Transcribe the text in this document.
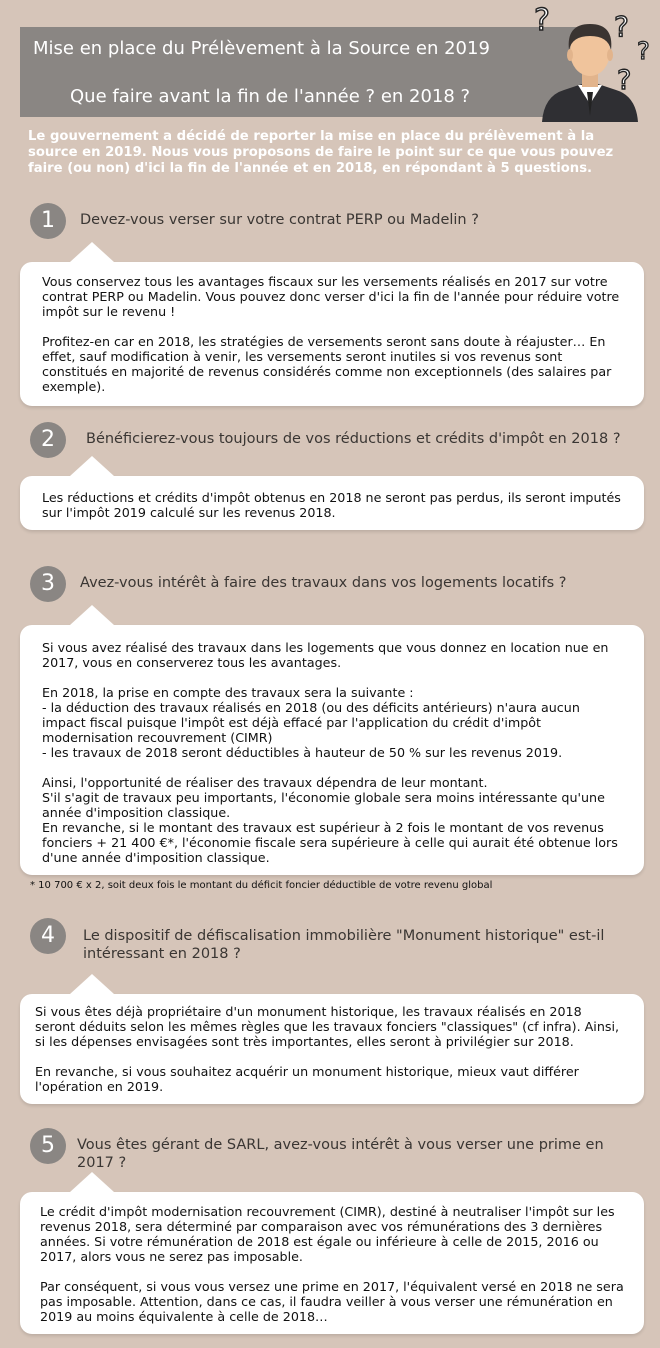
Mise en place du Prélèvement à la Source en 2019
Que faire avant la fin de l'année ? en 2018 ?
? ?
?
?
Le gouvernement a décidé de reporter la mise en place du prélèvement à la source en 2019. Nous vous proposons de faire le point sur ce que vous pouvez faire (ou non) d'ici la fin de l'année et en 2018, en répondant à 5 questions.
1	Devez-vous verser sur votre contrat PERP ou Madelin ?
Vous conservez tous les avantages fiscaux sur les versements réalisés en 2017 sur votre contrat PERP ou Madelin. Vous pouvez donc verser d'ici la fin de l'année pour réduire votre impôt sur le revenu !
Profitez-en car en 2018, les stratégies de versements seront sans doute à réajuster… En effet, sauf modification à venir, les versements seront inutiles si vos revenus sont constitués en majorité de revenus considérés comme non exceptionnels (des salaires par exemple).
2	Bénéficierez-vous toujours de vos réductions et crédits d'impôt en 2018 ?
Les réductions et crédits d'impôt obtenus en 2018 ne seront pas perdus, ils seront imputés sur l'impôt 2019 calculé sur les revenus 2018.
3	Avez-vous intérêt à faire des travaux dans vos logements locatifs ?
Si vous avez réalisé des travaux dans les logements que vous donnez en location nue en 2017, vous en conserverez tous les avantages.
En 2018, la prise en compte des travaux sera la suivante :
- la déduction des travaux réalisés en 2018 (ou des déficits antérieurs) n'aura aucun impact fiscal puisque l'impôt est déjà effacé par l'application du crédit d'impôt modernisation recouvrement (CIMR)
- les travaux de 2018 seront déductibles à hauteur de 50 % sur les revenus 2019.
Ainsi, l'opportunité de réaliser des travaux dépendra de leur montant.
S'il s'agit de travaux peu importants, l'économie globale sera moins intéressante qu'une année d'imposition classique.
En revanche, si le montant des travaux est supérieur à 2 fois le montant de vos revenus fonciers + 21 400 €*, l'économie fiscale sera supérieure à celle qui aurait été obtenue lors d'une année d'imposition classique.
* 10 700 € x 2, soit deux fois le montant du déficit foncier déductible de votre revenu global
4	Le dispositif de défiscalisation immobilière "Monument historique" est-il intéressant en 2018 ?
Si vous êtes déjà propriétaire d'un monument historique, les travaux réalisés en 2018 seront déduits selon les mêmes règles que les travaux fonciers "classiques" (cf infra). Ainsi, si les dépenses envisagées sont très importantes, elles seront à privilégier sur 2018.
En revanche, si vous souhaitez acquérir un monument historique, mieux vaut différer l'opération en 2019.
5	Vous êtes gérant de SARL, avez-vous intérêt à vous verser une prime en 2017 ?
Le crédit d'impôt modernisation recouvrement (CIMR), destiné à neutraliser l'impôt sur les revenus 2018, sera déterminé par comparaison avec vos rémunérations des 3 dernières années. Si votre rémunération de 2018 est égale ou inférieure à celle de 2015, 2016 ou 2017, alors vous ne serez pas imposable.
Par conséquent, si vous vous versez une prime en 2017, l'équivalent versé en 2018 ne sera pas imposable. Attention, dans ce cas, il faudra veiller à vous verser une rémunération en 2019 au moins équivalente à celle de 2018…
